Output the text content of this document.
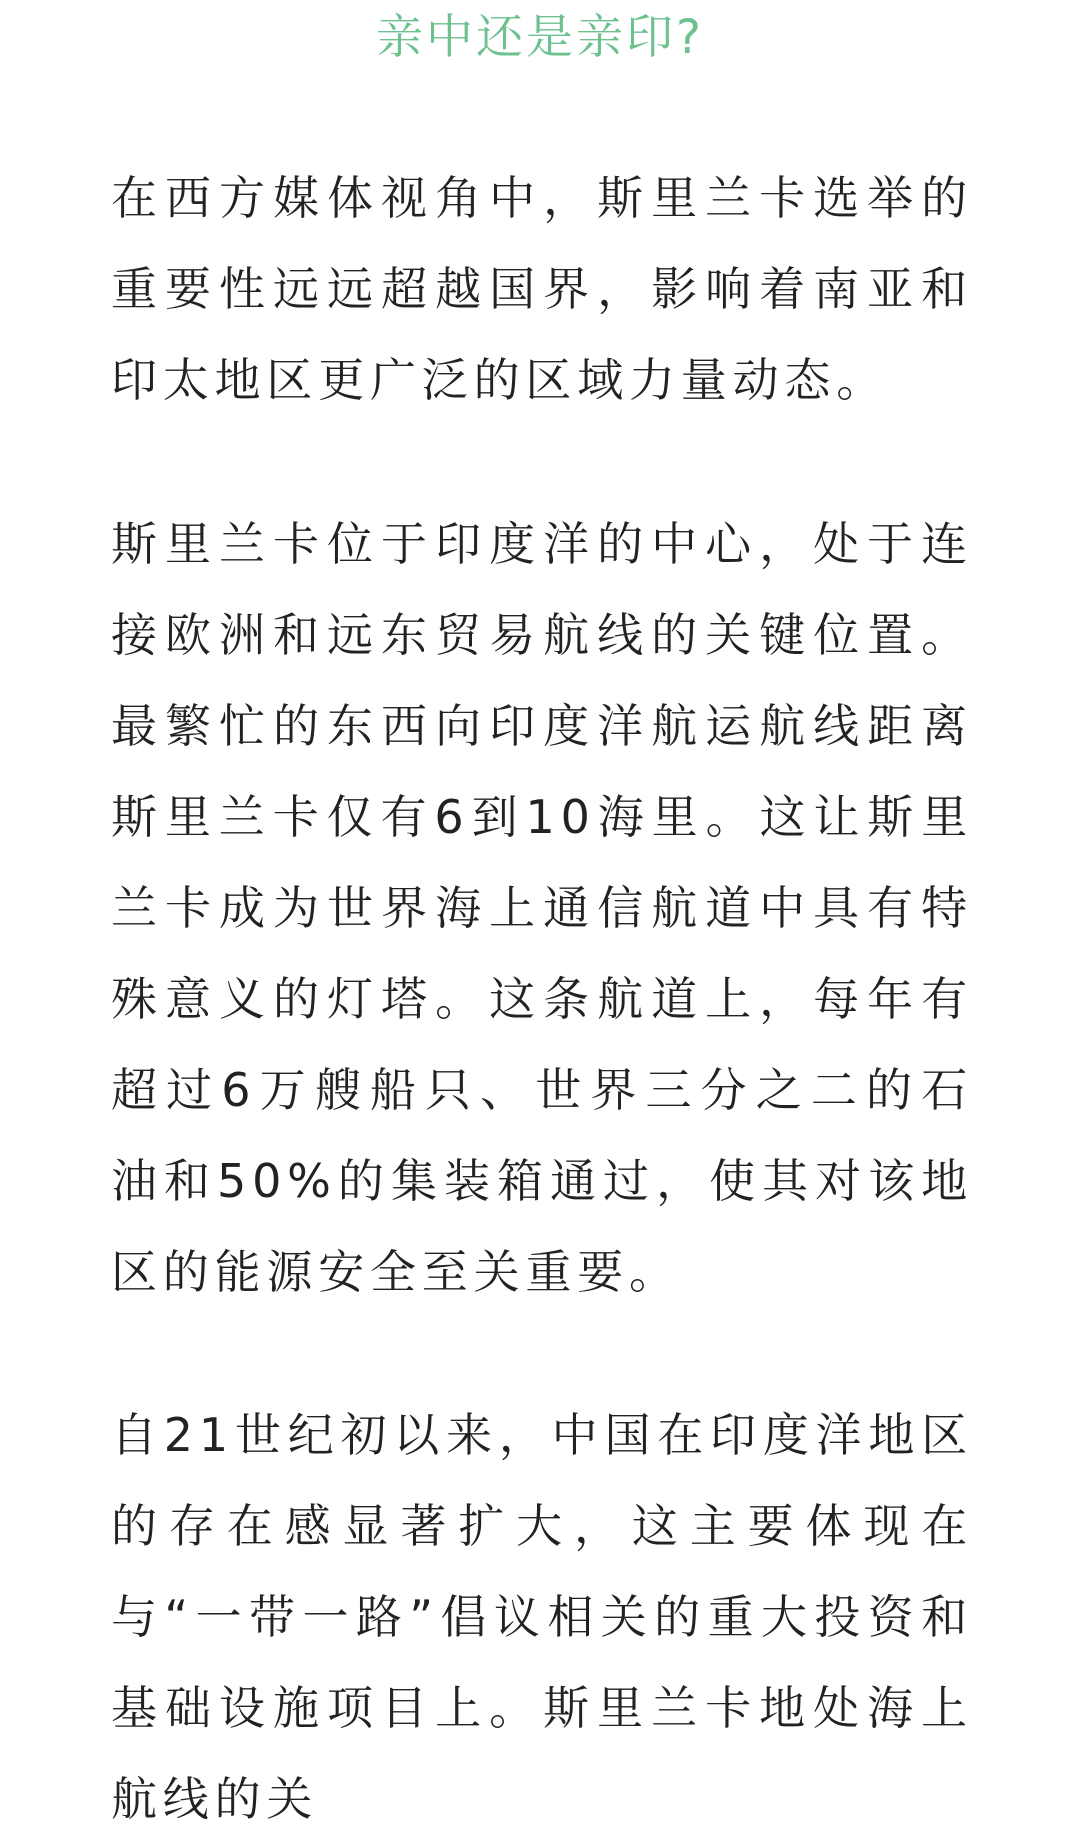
亲中还是亲印?

在西方媒体视角中，斯里兰卡选举的重要性远远超越国界，影响着南亚和印太地区更广泛的区域力量动态。

斯里兰卡位于印度洋的中心，处于连接欧洲和远东贸易航线的关键位置。最繁忙的东西向印度洋航运航线距离斯里兰卡仅有6到10海里。这让斯里兰卡成为世界海上通信航道中具有特殊意义的灯塔。这条航道上，每年有超过6万艘船只、世界三分之二的石油和50%的集装箱通过，使其对该地区的能源安全至关重要。

自21世纪初以来，中国在印度洋地区的存在感显著扩大，这主要体现在与“一带一路”倡议相关的重大投资和基础设施项目上。斯里兰卡地处海上航线的关
